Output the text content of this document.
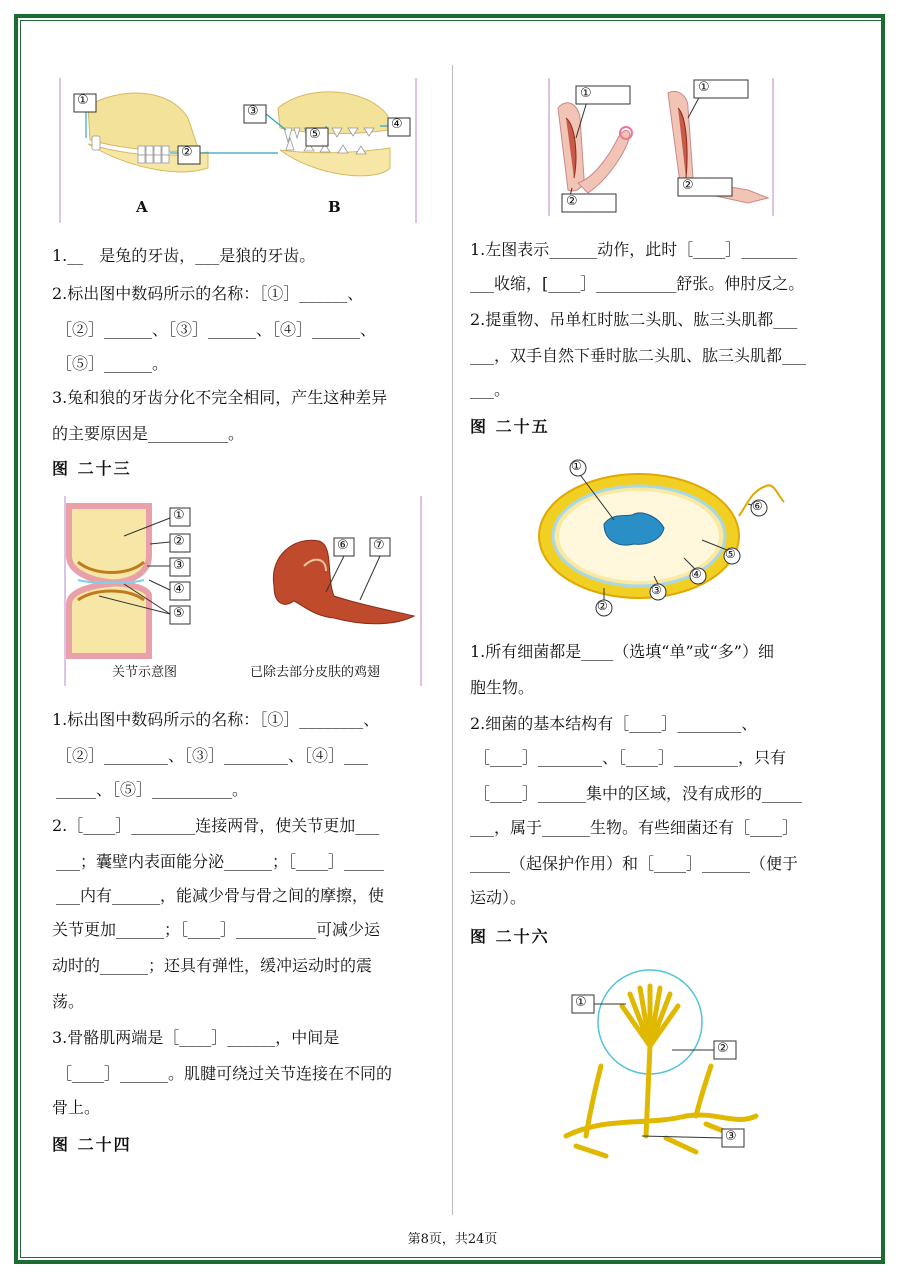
①
②
③
④
⑤
A	B
1.__　是兔的牙齿，___是狼的牙齿。
2.标出图中数码所示的名称：［①］______、
［②］______、［③］______、［④］______、
［⑤］______。
3.兔和狼的牙齿分化不完全相同，产生这种差异
的主要原因是__________。
图 二十三
①
②
③
④
⑤
⑥ ⑦
关节示意图	已除去部分皮肤的鸡翅
1.标出图中数码所示的名称：［①］________、
［②］________、［③］________、［④］___
_____、［⑤］__________。
2.［____］________连接两骨，使关节更加___
___；囊壁内表面能分泌______；［____］_____
___内有______，能减少骨与骨之间的摩擦，使
关节更加______；［____］__________可减少运
动时的______；还具有弹性，缓冲运动时的震
荡。
3.骨骼肌两端是［____］______，中间是
［____］______。肌腱可绕过关节连接在不同的
骨上。
图 二十四
①
②
①
②
1.左图表示______动作，此时［____］_______
___收缩，[____］__________舒张。伸肘反之。
2.提重物、吊单杠时肱二头肌、肱三头肌都___
___，双手自然下垂时肱二头肌、肱三头肌都___
___。
图 二十五
①
②
③
④
⑤
⑥
1.所有细菌都是____（选填“单”或“多”）细
胞生物。
2.细菌的基本结构有［____］________、
［____］________、［____］________，只有
［____］______集中的区域，没有成形的_____
___，属于______生物。有些细菌还有［____］
_____（起保护作用）和［____］______（便于
运动）。
图 二十六
①
②
③
第8页，共24页
